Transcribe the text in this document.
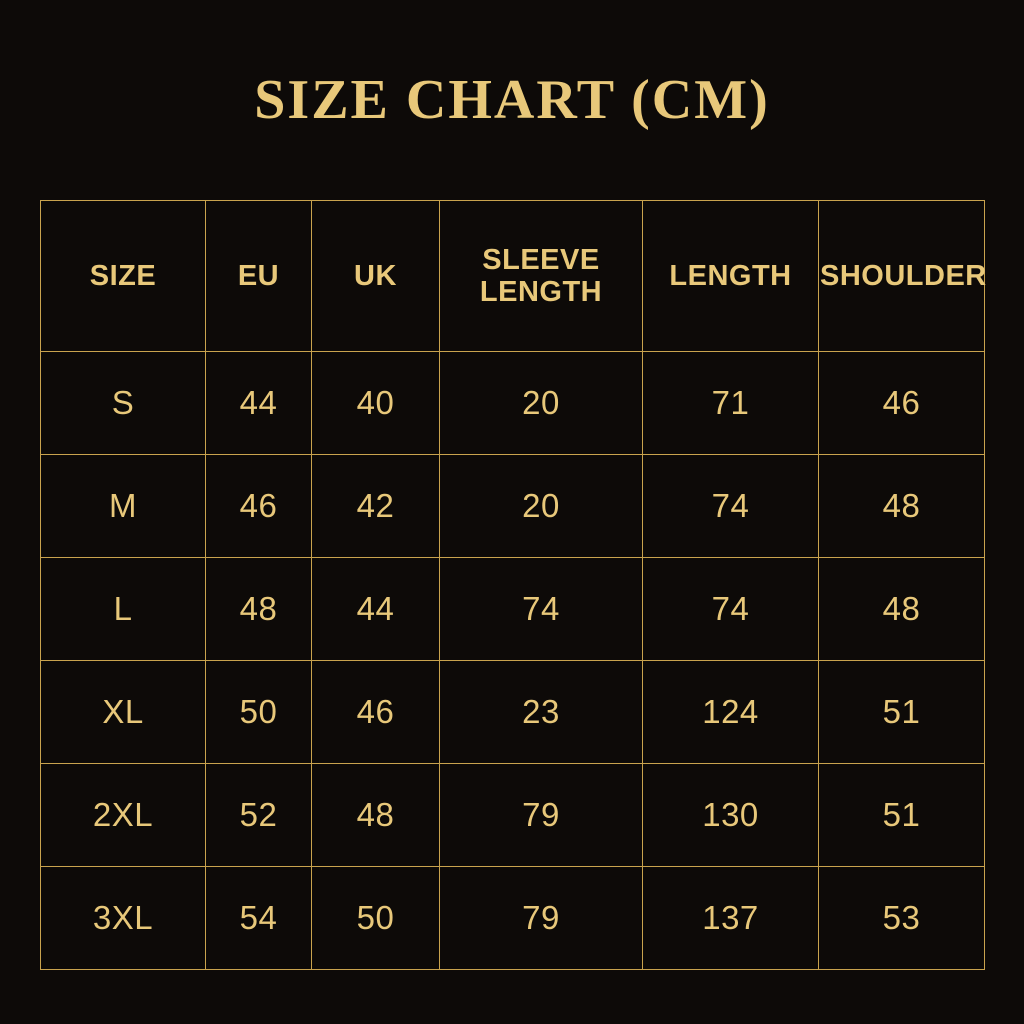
SIZE CHART (CM)
SIZE	EU	UK	SLEEVE LENGTH	LENGTH	SHOULDER
S	44	40	20	71	46
M	46	42	20	74	48
L	48	44	74	74	48
XL	50	46	23	124	51
2XL	52	48	79	130	51
3XL	54	50	79	137	53
